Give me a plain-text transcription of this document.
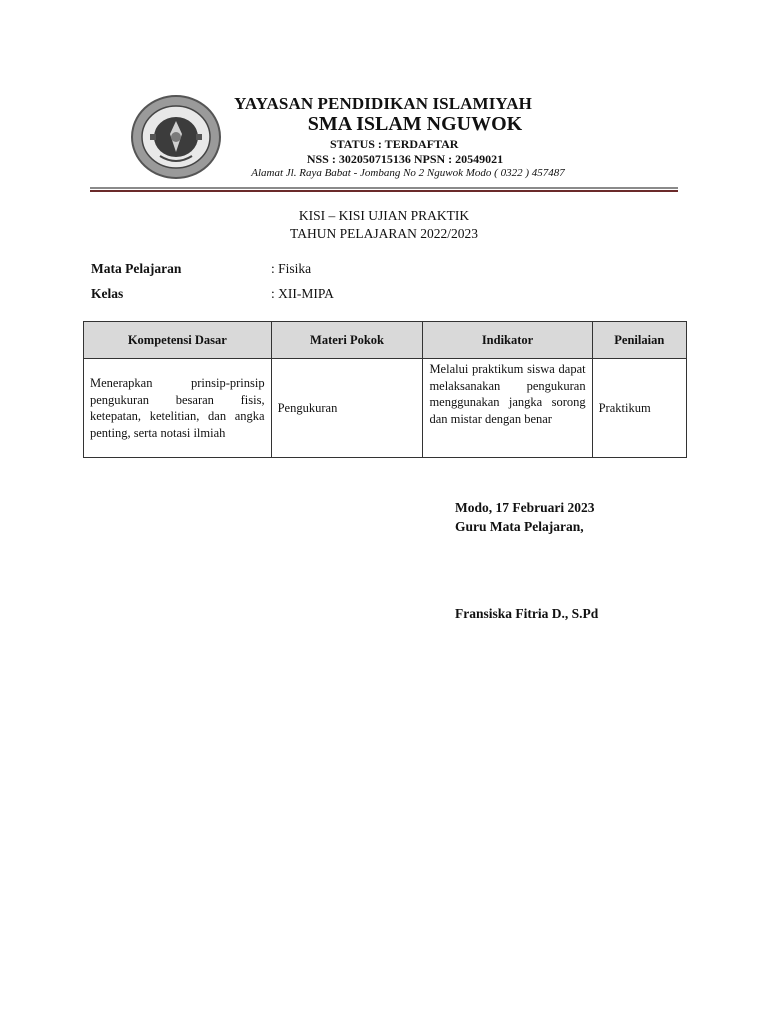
YAYASAN PENDIDIKAN ISLAMIYAH
SMA ISLAM NGUWOK
STATUS : TERDAFTAR
NSS : 302050715136 NPSN : 20549021
Alamat Jl. Raya Babat - Jombang No 2 Nguwok Modo ( 0322 ) 457487
KISI – KISI UJIAN PRAKTIK
TAHUN PELAJARAN 2022/2023
Mata Pelajaran	: Fisika
Kelas	: XII-MIPA
Kompetensi Dasar	Materi Pokok	Indikator	Penilaian
Menerapkan prinsip-prinsip pengukuran besaran fisis, ketepatan, ketelitian, dan angka penting, serta notasi ilmiah	Pengukuran	Melalui praktikum siswa dapat melaksanakan pengukuran menggunakan jangka sorong dan mistar dengan benar	Praktikum
Modo, 17 Februari 2023
Guru Mata Pelajaran,
Fransiska Fitria D., S.Pd
